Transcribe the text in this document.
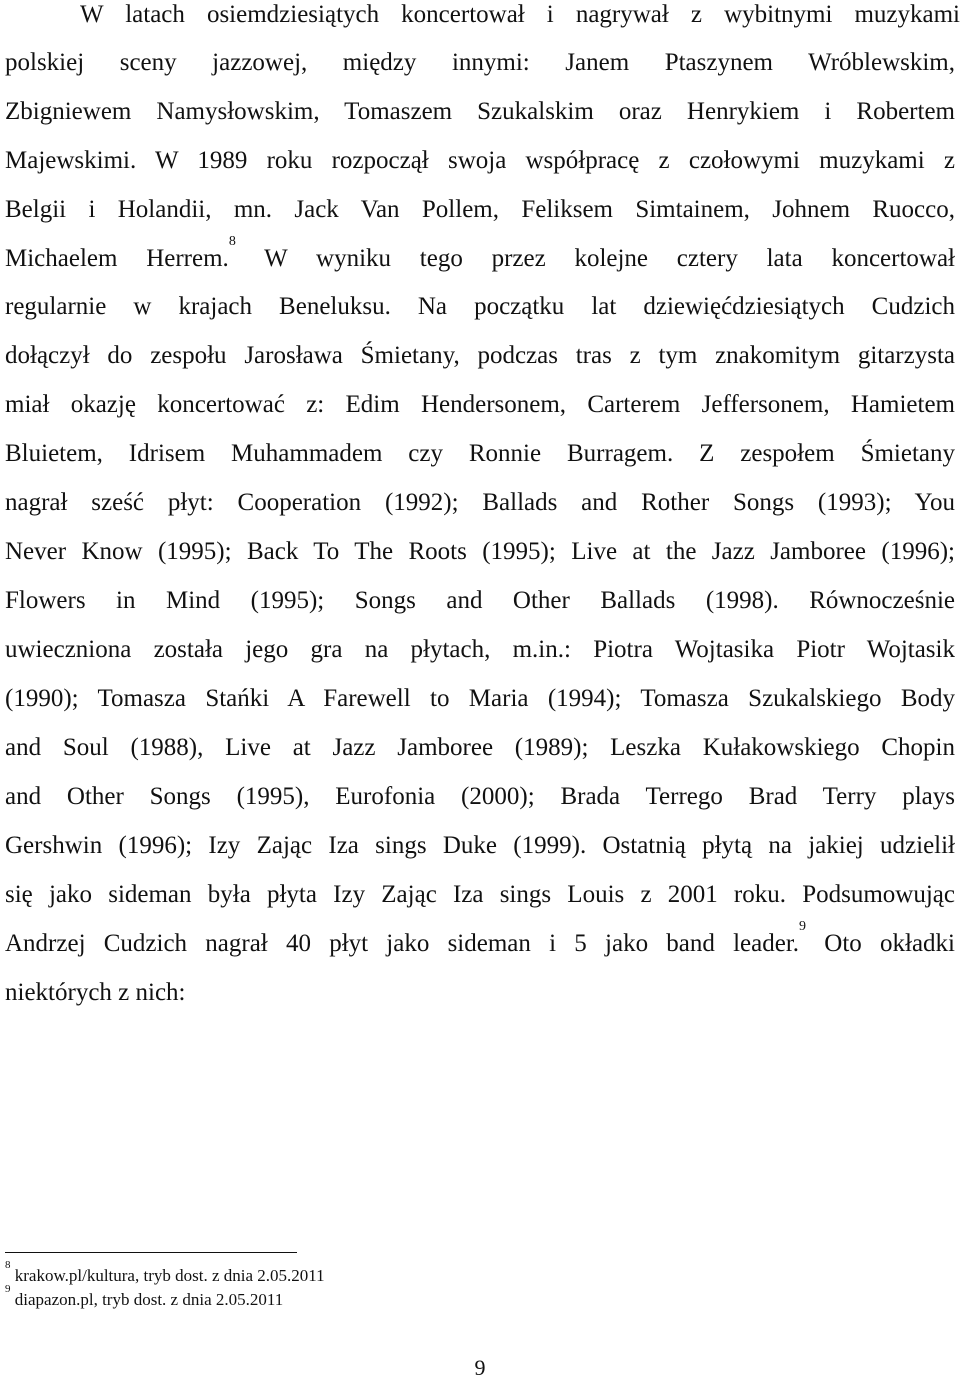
W latach osiemdziesiątych koncertował i nagrywał z wybitnymi muzykami
polskiej sceny jazzowej, między innymi: Janem Ptaszynem Wróblewskim,
Zbigniewem Namysłowskim, Tomaszem Szukalskim oraz Henrykiem i Robertem
Majewskimi. W 1989 roku rozpoczął swoja współpracę z czołowymi muzykami z
Belgii i Holandii, mn. Jack Van Pollem, Feliksem Simtainem, Johnem Ruocco,
Michaelem Herrem.$^8$ W wyniku tego przez kolejne cztery lata koncertował
regularnie w krajach Beneluksu. Na początku lat dziewięćdziesiątych Cudzich
dołączył do zespołu Jarosława Śmietany, podczas tras z tym znakomitym gitarzysta
miał okazję koncertować z: Edim Hendersonem, Carterem Jeffersonem, Hamietem
Bluietem, Idrisem Muhammadem czy Ronnie Burragem. Z zespołem Śmietany
nagrał sześć płyt: Cooperation (1992); Ballads and Rother Songs (1993); You
Never Know (1995); Back To The Roots (1995); Live at the Jazz Jamboree (1996);
Flowers in Mind (1995); Songs and Other Ballads (1998). Równocześnie
uwieczniona została jego gra na płytach, m.in.: Piotra Wojtasika Piotr Wojtasik
(1990); Tomasza Stańki A Farewell to Maria (1994); Tomasza Szukalskiego Body
and Soul (1988), Live at Jazz Jamboree (1989); Leszka Kułakowskiego Chopin
and Other Songs (1995), Eurofonia (2000); Brada Terrego Brad Terry plays
Gershwin (1996); Izy Zając Iza sings Duke (1999). Ostatnią płytą na jakiej udzielił
się jako sideman była płyta Izy Zając Iza sings Louis z 2001 roku. Podsumowując
Andrzej Cudzich nagrał 40 płyt jako sideman i 5 jako band leader.$^9$ Oto okładki
niektórych z nich:
$^8$ krakow.pl/kultura, tryb dost. z dnia 2.05.2011
$^9$ diapazon.pl, tryb dost. z dnia 2.05.2011
9
